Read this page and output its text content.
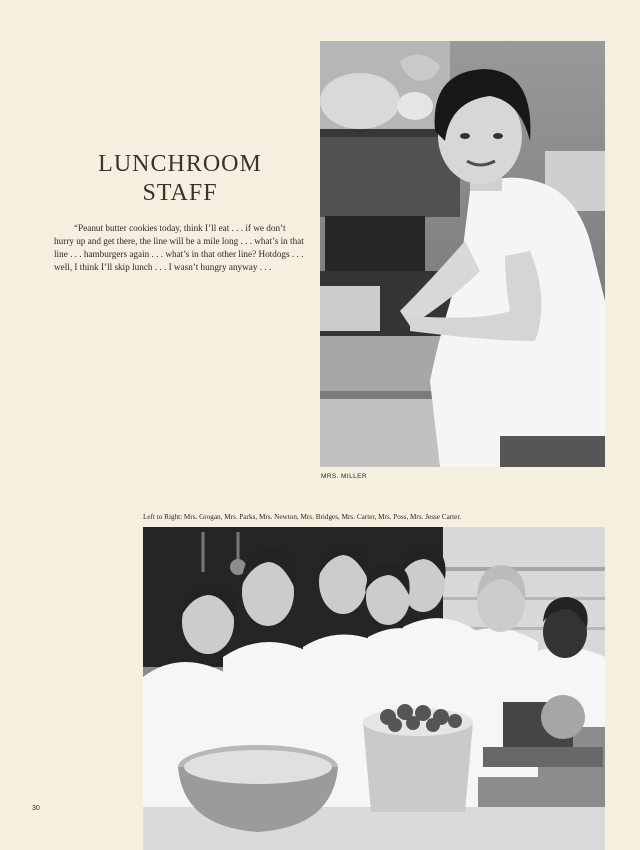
LUNCHROOM
STAFF

“Peanut butter cookies today, think I’ll eat . . . if we don’t hurry up and get there, the line will be a mile long . . . what’s in that line . . . hamburgers again . . . what’s in that other line? Hotdogs . . . well, I think I’ll skip lunch . . . I wasn’t hungry anyway . . .

MRS. MILLER
Left to Right: Mrs. Grogan, Mrs. Parks, Mrs. Newton, Mrs. Bridges, Mrs. Carter, Mrs. Poss, Mrs. Jesse Carter.
30
